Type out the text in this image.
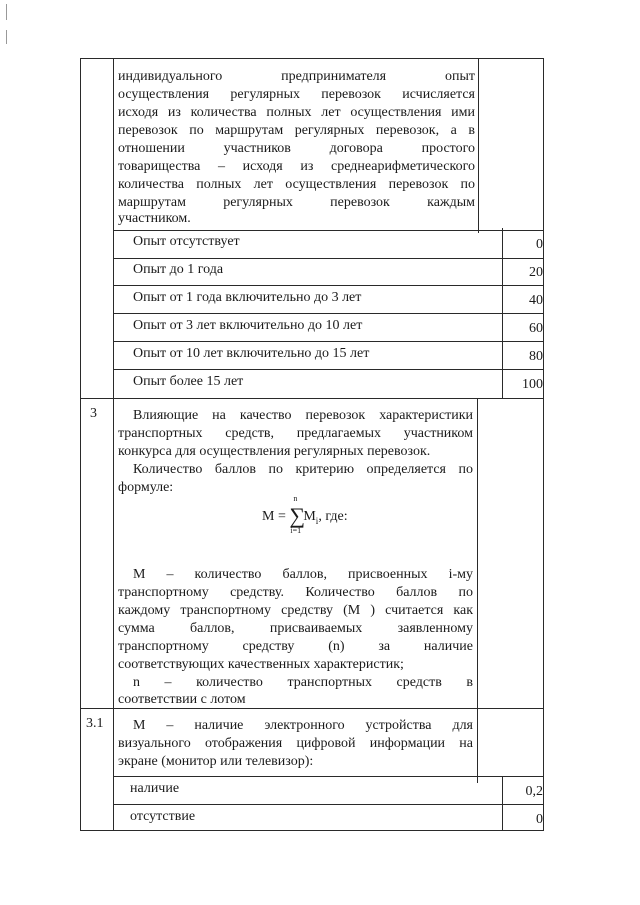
индивидуального предпринимателя опыт
осуществления регулярных перевозок исчисляется
исходя из количества полных лет осуществления ими
перевозок по маршрутам регулярных перевозок, а в
отношении участников договора простого
товарищества – исходя из среднеарифметического
количества полных лет осуществления перевозок по
маршрутам регулярных перевозок каждым
участником.
Опыт отсутствует	0
Опыт до 1 года	20
Опыт от 1 года включительно до 3 лет	40
Опыт от 3 лет включительно до 10 лет	60
Опыт от 10 лет включительно до 15 лет	80
Опыт более 15 лет	100
3	Влияющие на качество перевозок характеристики
транспортных средств, предлагаемых участником
конкурса для осуществления регулярных перевозок.
Количество баллов по критерию определяется по
формуле:
M = ∑
n
i=1
$M_i$, где:
M – количество баллов, присвоенных i-му
транспортному средству. Количество баллов по
каждому транспортному средству (M ) считается как
сумма баллов, присваиваемых заявленному
транспортному средству (n) за наличие
соответствующих качественных характеристик;
n – количество транспортных средств в
соответствии с лотом
3.1 M – наличие электронного устройства для
визуального отображения цифровой информации на
экране (монитор или телевизор):
наличие	0,2
отсутствие	0
